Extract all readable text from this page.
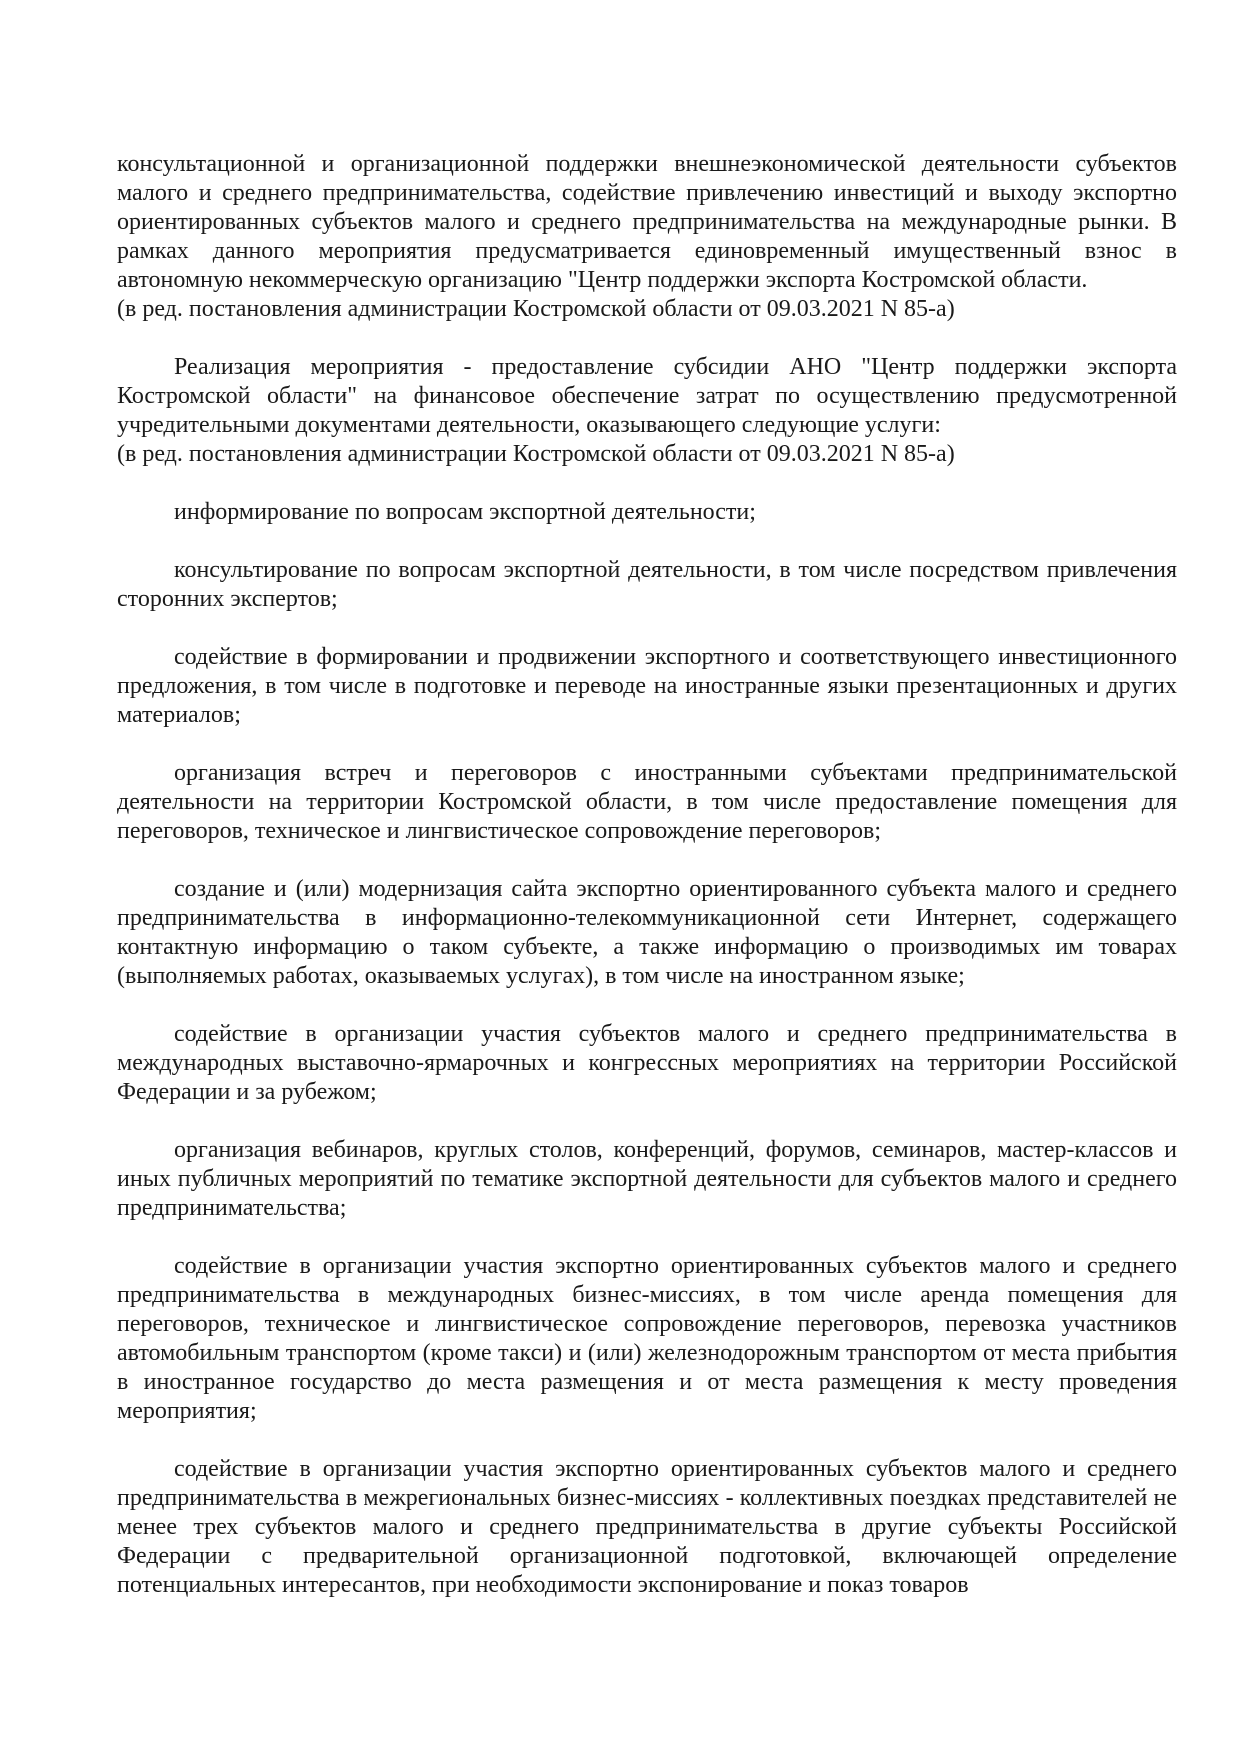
консультационной и организационной поддержки внешнеэкономической деятельности субъектов малого и среднего предпринимательства, содействие привлечению инвестиций и выходу экспортно ориентированных субъектов малого и среднего предпринимательства на международные рынки. В рамках данного мероприятия предусматривается единовременный имущественный взнос в автономную некоммерческую организацию "Центр поддержки экспорта Костромской области.

(в ред. постановления администрации Костромской области от 09.03.2021 N 85-а)

Реализация мероприятия - предоставление субсидии АНО "Центр поддержки экспорта Костромской области" на финансовое обеспечение затрат по осуществлению предусмотренной учредительными документами деятельности, оказывающего следующие услуги:

(в ред. постановления администрации Костромской области от 09.03.2021 N 85-а)

информирование по вопросам экспортной деятельности;

консультирование по вопросам экспортной деятельности, в том числе посредством привлечения сторонних экспертов;

содействие в формировании и продвижении экспортного и соответствующего инвестиционного предложения, в том числе в подготовке и переводе на иностранные языки презентационных и других материалов;

организация встреч и переговоров с иностранными субъектами предпринимательской деятельности на территории Костромской области, в том числе предоставление помещения для переговоров, техническое и лингвистическое сопровождение переговоров;

создание и (или) модернизация сайта экспортно ориентированного субъекта малого и среднего предпринимательства в информационно-телекоммуникационной сети Интернет, содержащего контактную информацию о таком субъекте, а также информацию о производимых им товарах (выполняемых работах, оказываемых услугах), в том числе на иностранном языке;

содействие в организации участия субъектов малого и среднего предпринимательства в международных выставочно-ярмарочных и конгрессных мероприятиях на территории Российской Федерации и за рубежом;

организация вебинаров, круглых столов, конференций, форумов, семинаров, мастер-классов и иных публичных мероприятий по тематике экспортной деятельности для субъектов малого и среднего предпринимательства;

содействие в организации участия экспортно ориентированных субъектов малого и среднего предпринимательства в международных бизнес-миссиях, в том числе аренда помещения для переговоров, техническое и лингвистическое сопровождение переговоров, перевозка участников автомобильным транспортом (кроме такси) и (или) железнодорожным транспортом от места прибытия в иностранное государство до места размещения и от места размещения к месту проведения мероприятия;

содействие в организации участия экспортно ориентированных субъектов малого и среднего предпринимательства в межрегиональных бизнес-миссиях - коллективных поездках представителей не менее трех субъектов малого и среднего предпринимательства в другие субъекты Российской Федерации с предварительной организационной подготовкой, включающей определение потенциальных интересантов, при необходимости экспонирование и показ товаров
